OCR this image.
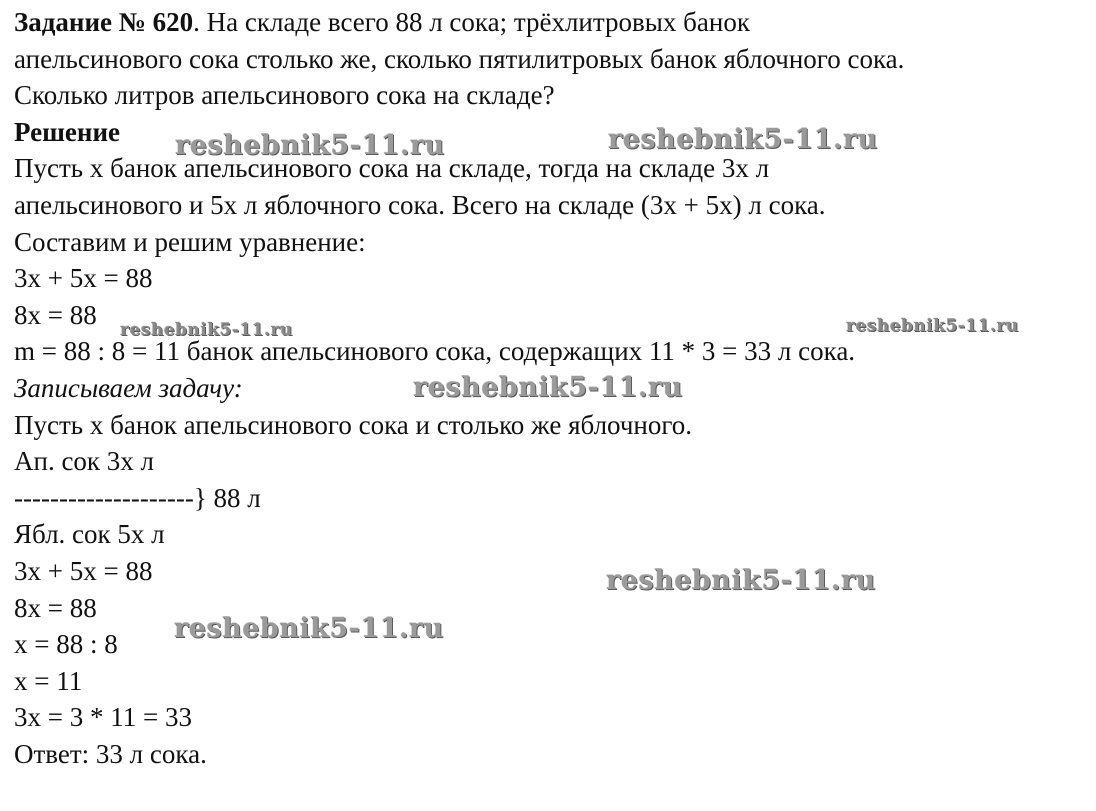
Задание № 620. На складе всего 88 л сока; трёхлитровых банок
апельсинового сока столько же, сколько пятилитровых банок яблочного сока.
Сколько литров апельсинового сока на складе?
Решение
Пусть х банок апельсинового сока на складе, тогда на складе 3х л
апельсинового и 5х л яблочного сока. Всего на складе (3х + 5х) л сока.
Составим и решим уравнение:
3х + 5х = 88
8х = 88
m = 88 : 8 = 11 банок апельсинового сока, содержащих 11 * 3 = 33 л сока.
Записываем задачу:
Пусть х банок апельсинового сока и столько же яблочного.
Ап. сок 3х л
--------------------} 88 л
Ябл. сок 5х л
3х + 5х = 88
8х = 88
х = 88 : 8
х = 11
3х = 3 * 11 = 33
Ответ: 33 л сока.
reshebnik5-11.ru	reshebnik5-11.ru
reshebnik5-11.ru	reshebnik5-11.ru
reshebnik5-11.ru
reshebnik5-11.ru
reshebnik5-11.ru
